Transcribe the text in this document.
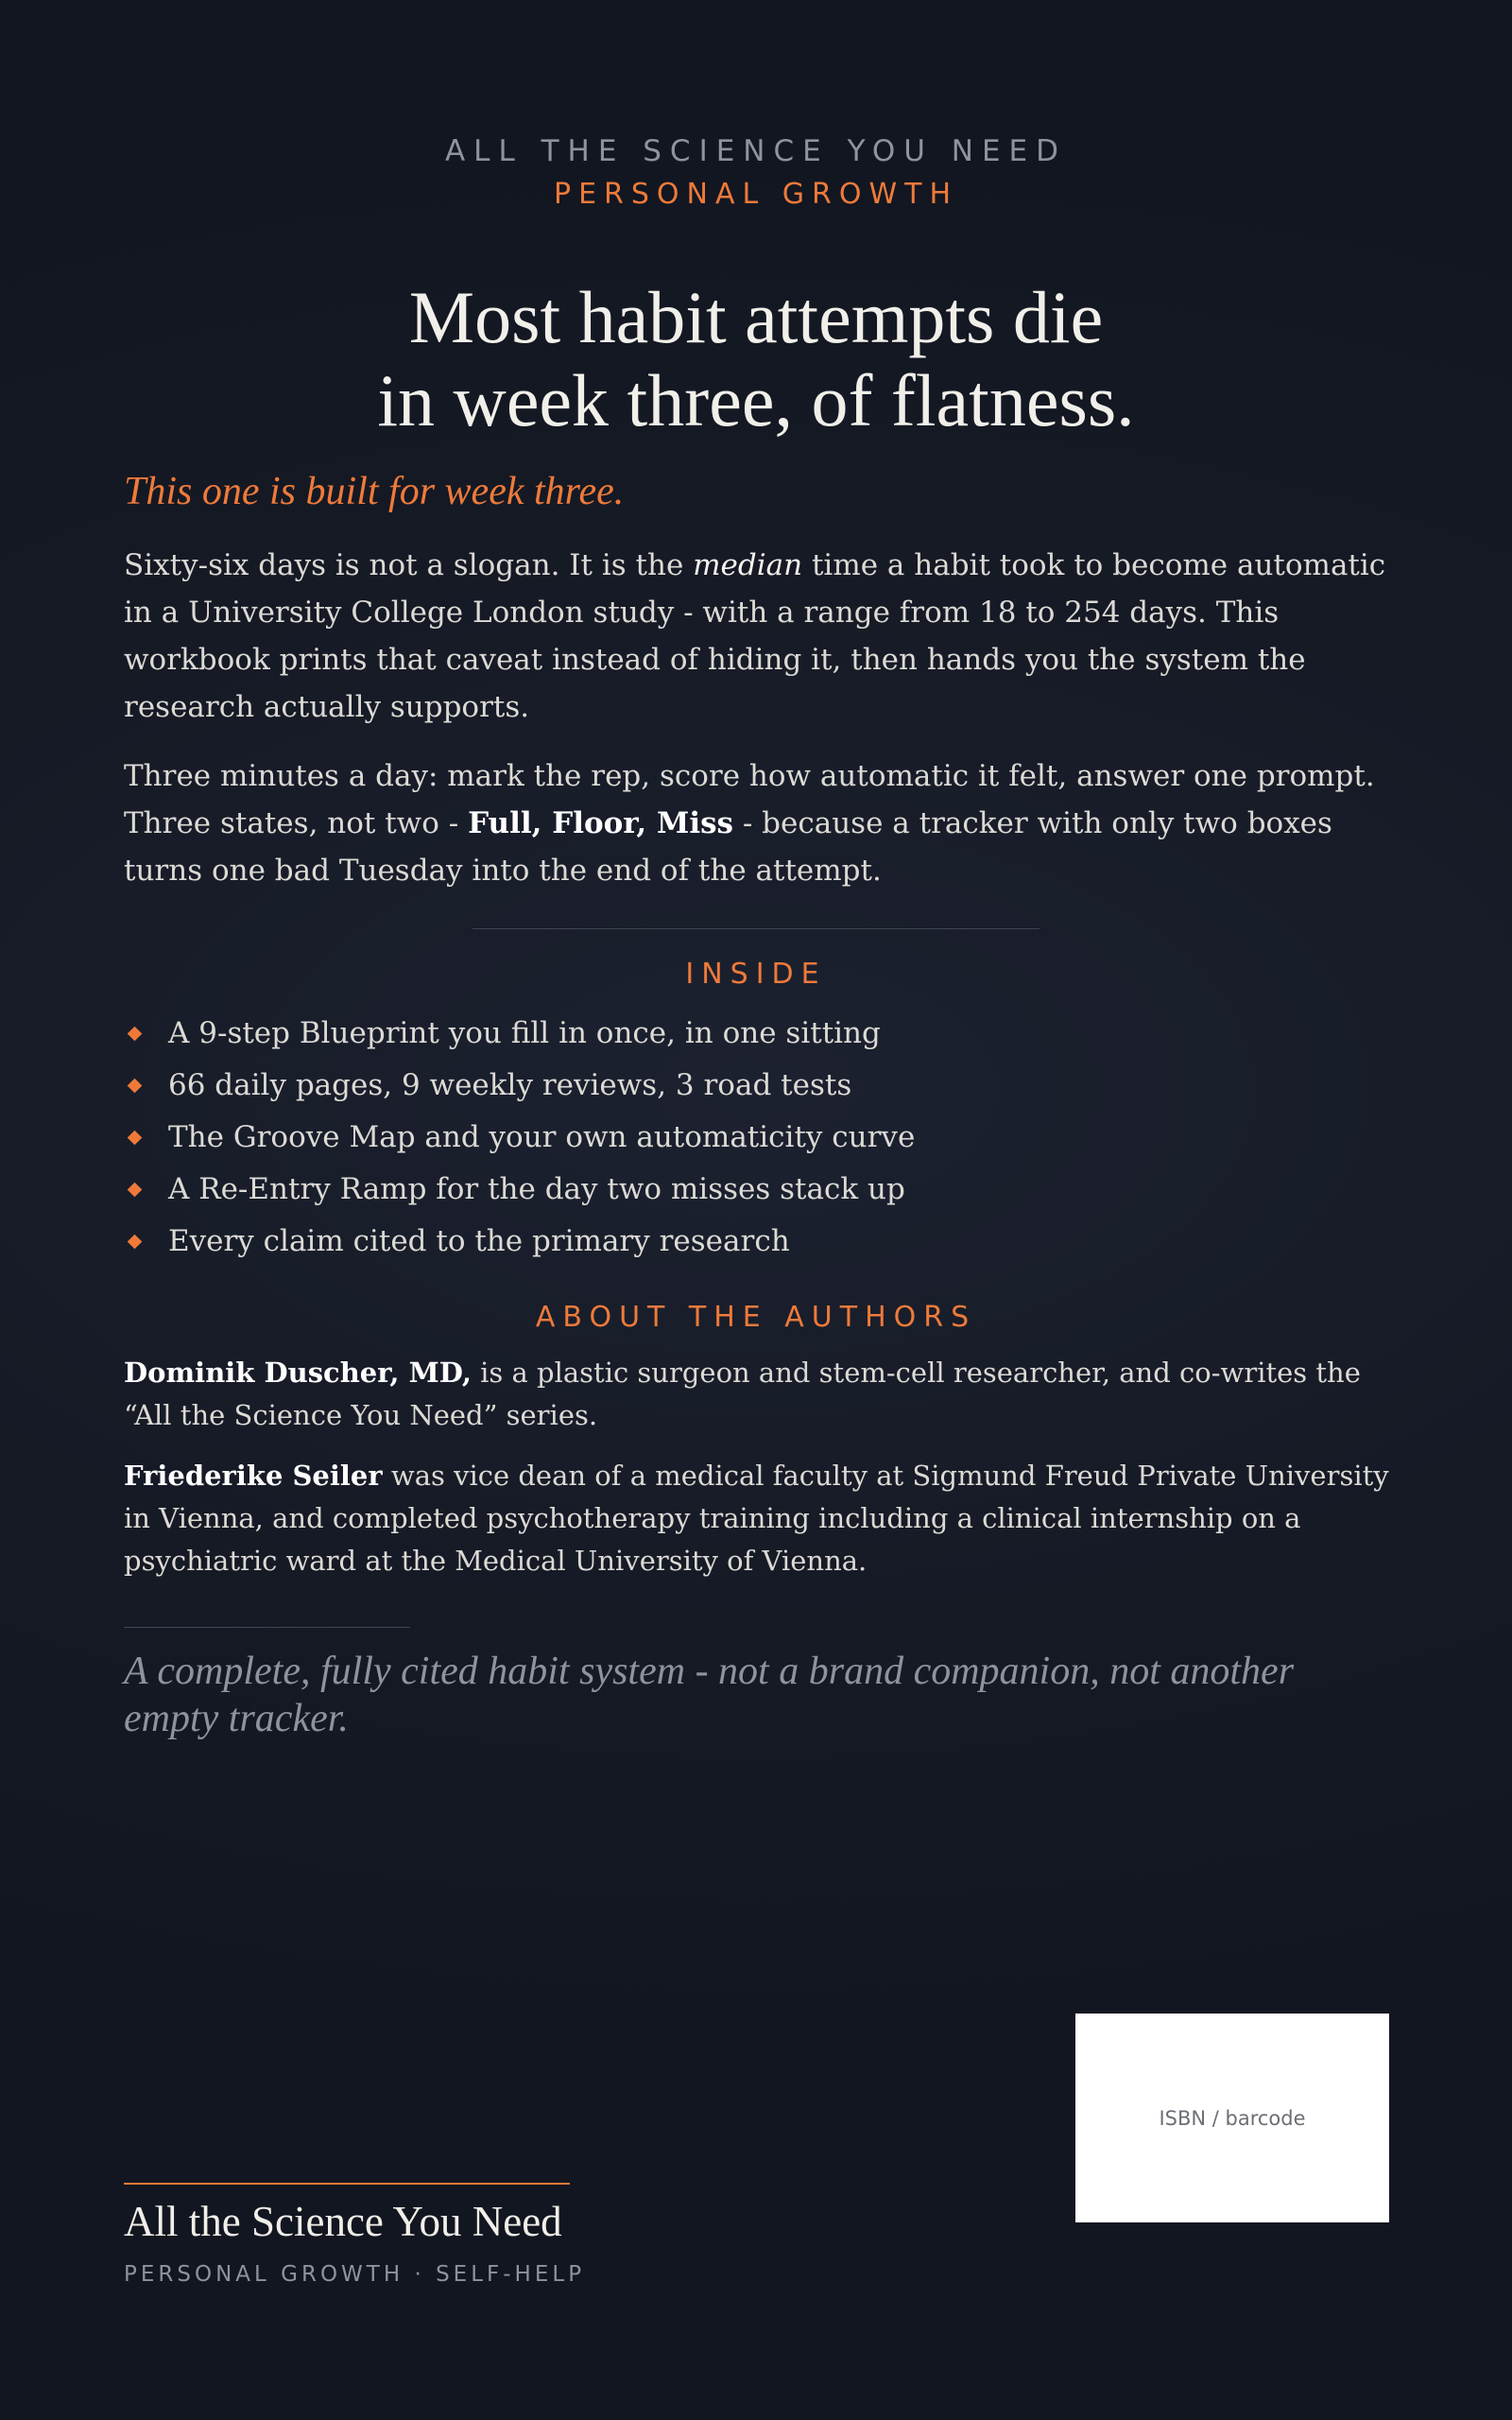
ALL THE SCIENCE YOU NEED
PERSONAL GROWTH
Most habit attempts die
in week three, of flatness.
This one is built for week three.
Sixty-six days is not a slogan. It is the median time a habit took to become automatic in a University College London study - with a range from 18 to 254 days. This workbook prints that caveat instead of hiding it, then hands you the system the research actually supports.
Three minutes a day: mark the rep, score how automatic it felt, answer one prompt. Three states, not two - Full, Floor, Miss - because a tracker with only two boxes turns one bad Tuesday into the end of the attempt.
INSIDE
A 9-step Blueprint you fill in once, in one sitting
66 daily pages, 9 weekly reviews, 3 road tests
The Groove Map and your own automaticity curve
A Re-Entry Ramp for the day two misses stack up
Every claim cited to the primary research
ABOUT THE AUTHORS
Dominik Duscher, MD, is a plastic surgeon and stem-cell researcher, and co-writes the “All the Science You Need” series.
Friederike Seiler was vice dean of a medical faculty at Sigmund Freud Private University in Vienna, and completed psychotherapy training including a clinical internship on a psychiatric ward at the Medical University of Vienna.
A complete, fully cited habit system - not a brand companion, not another empty tracker.
ISBN / barcode
All the Science You Need
PERSONAL GROWTH · SELF-HELP
